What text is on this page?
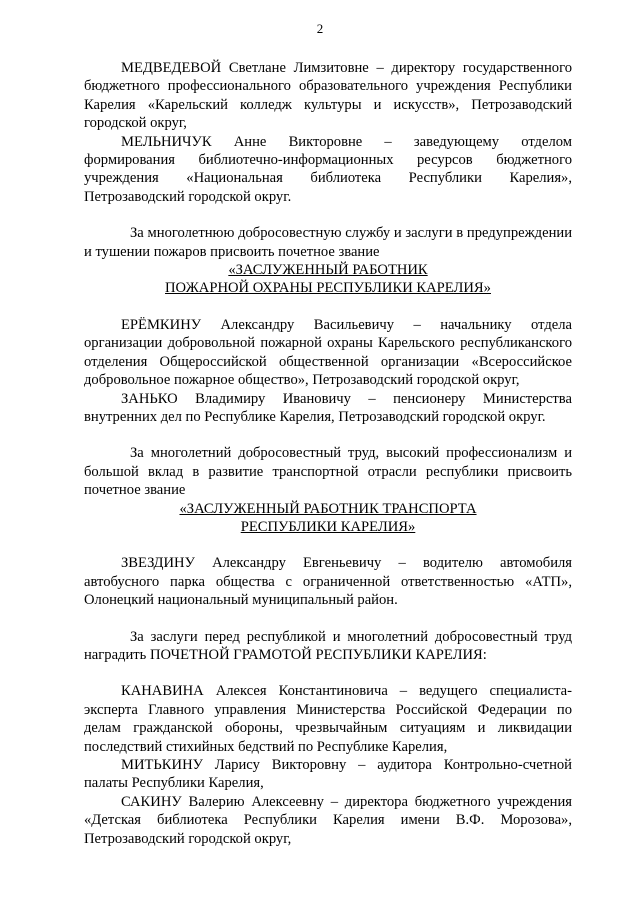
2

МЕДВЕДЕВОЙ Светлане Лимзитовне – директору государственного бюджетного профессионального образовательного учреждения Республики Карелия «Карельский колледж культуры и искусств», Петрозаводский городской округ,

МЕЛЬНИЧУК Анне Викторовне – заведующему отделом формирования библиотечно-информационных ресурсов бюджетного учреждения «Национальная библиотека Республики Карелия», Петрозаводский городской округ.

За многолетнюю добросовестную службу и заслуги в предупреждении и тушении пожаров присвоить почетное звание

«ЗАСЛУЖЕННЫЙ РАБОТНИК
ПОЖАРНОЙ ОХРАНЫ РЕСПУБЛИКИ КАРЕЛИЯ»

ЕРЁМКИНУ Александру Васильевичу – начальнику отдела организации добровольной пожарной охраны Карельского республиканского отделения Общероссийской общественной организации «Всероссийское добровольное пожарное общество», Петрозаводский городской округ,

ЗАНЬКО Владимиру Ивановичу – пенсионеру Министерства внутренних дел по Республике Карелия, Петрозаводский городской округ.

За многолетний добросовестный труд, высокий профессионализм и большой вклад в развитие транспортной отрасли республики присвоить почетное звание

«ЗАСЛУЖЕННЫЙ РАБОТНИК ТРАНСПОРТА
РЕСПУБЛИКИ КАРЕЛИЯ»

ЗВЕЗДИНУ Александру Евгеньевичу – водителю автомобиля автобусного парка общества с ограниченной ответственностью «АТП», Олонецкий национальный муниципальный район.

За заслуги перед республикой и многолетний добросовестный труд наградить ПОЧЕТНОЙ ГРАМОТОЙ РЕСПУБЛИКИ КАРЕЛИЯ:

КАНАВИНА Алексея Константиновича – ведущего специалиста- эксперта Главного управления Министерства Российской Федерации по делам гражданской обороны, чрезвычайным ситуациям и ликвидации последствий стихийных бедствий по Республике Карелия,

МИТЬКИНУ Ларису Викторовну – аудитора Контрольно-счетной палаты Республики Карелия,

САКИНУ Валерию Алексеевну – директора бюджетного учреждения «Детская библиотека Республики Карелия имени В.Ф. Морозова», Петрозаводский городской округ,
